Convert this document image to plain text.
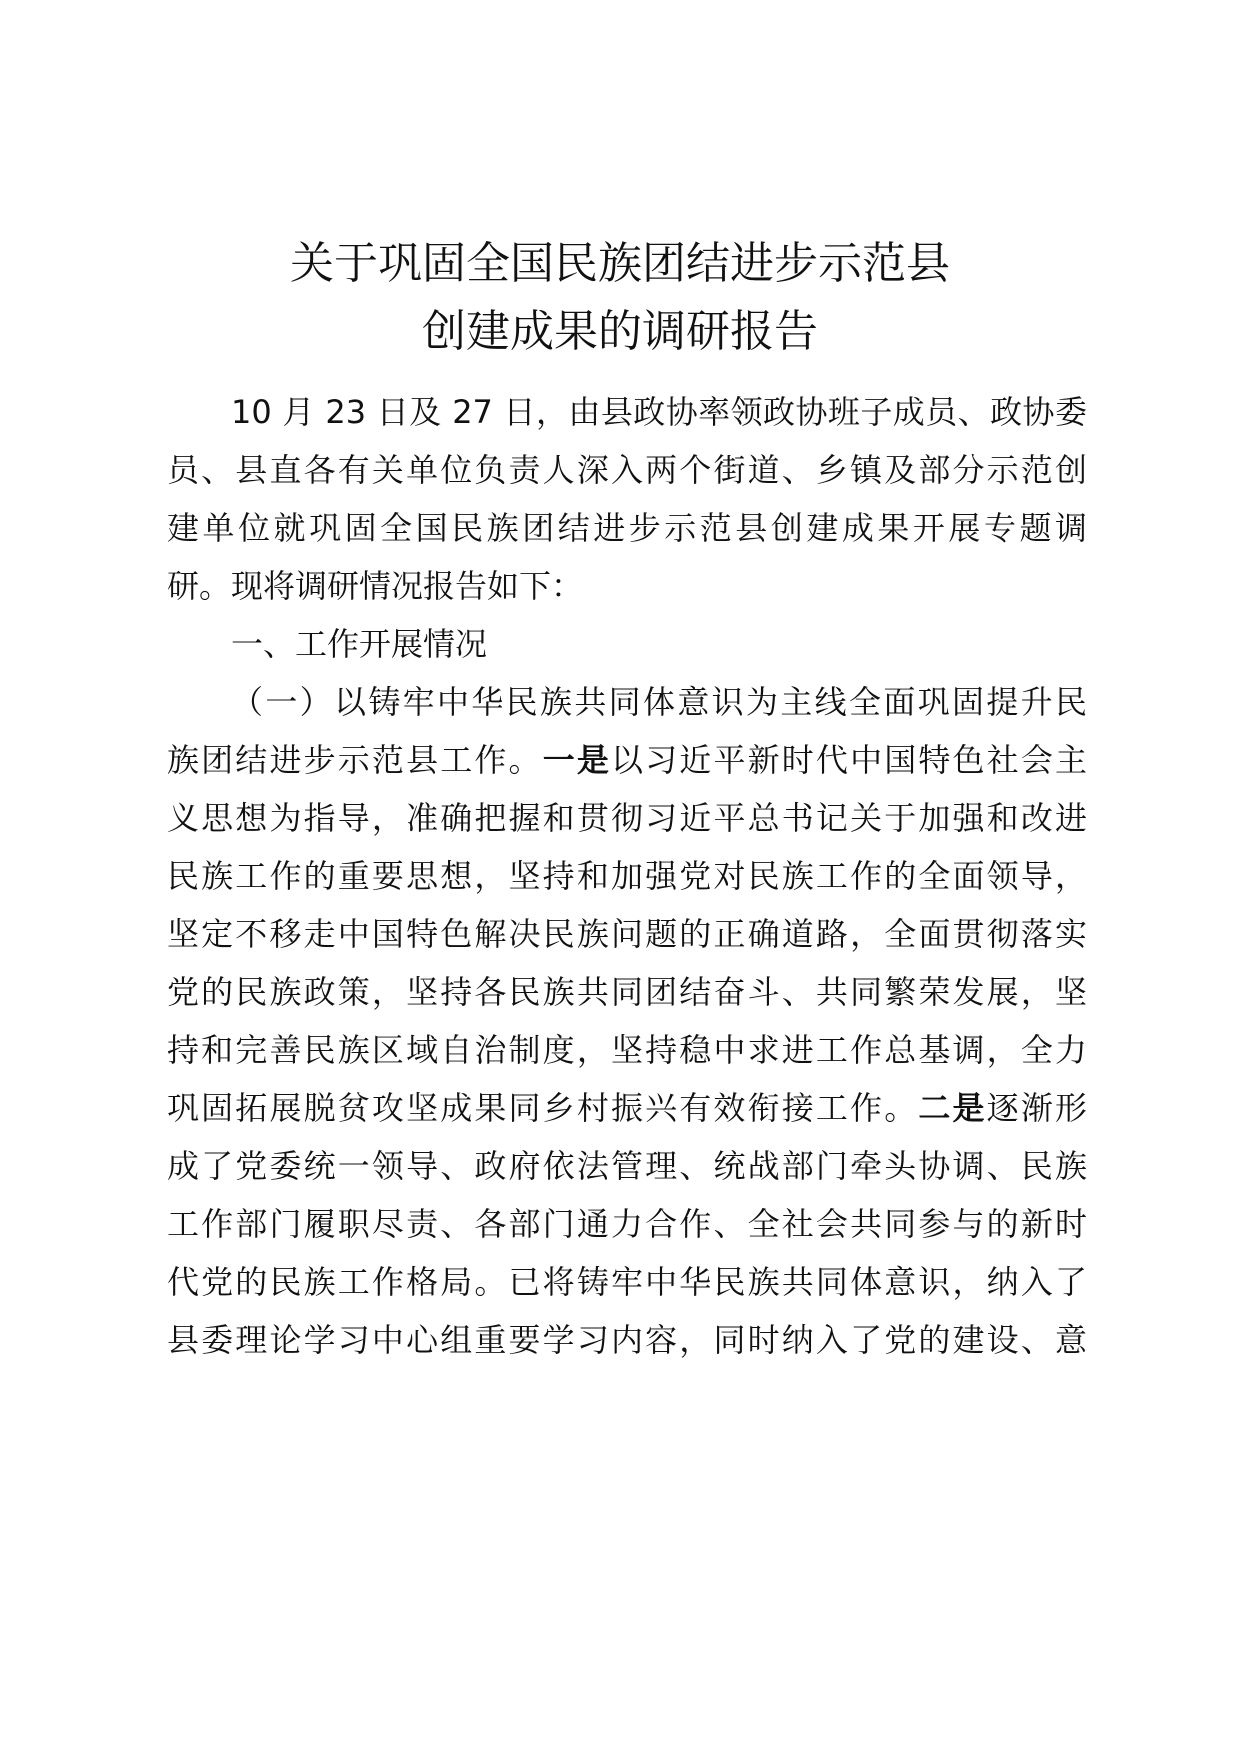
关于巩固全国民族团结进步示范县
创建成果的调研报告
10 月 23 日及 27 日，由县政协率领政协班子成员、政协委
员、县直各有关单位负责人深入两个街道、乡镇及部分示范创
建单位就巩固全国民族团结进步示范县创建成果开展专题调
研。现将调研情况报告如下：
一、工作开展情况
（一）以铸牢中华民族共同体意识为主线全面巩固提升民
族团结进步示范县工作。一是以习近平新时代中国特色社会主
义思想为指导，准确把握和贯彻习近平总书记关于加强和改进
民族工作的重要思想，坚持和加强党对民族工作的全面领导，
坚定不移走中国特色解决民族问题的正确道路，全面贯彻落实
党的民族政策，坚持各民族共同团结奋斗、共同繁荣发展，坚
持和完善民族区域自治制度，坚持稳中求进工作总基调，全力
巩固拓展脱贫攻坚成果同乡村振兴有效衔接工作。二是逐渐形
成了党委统一领导、政府依法管理、统战部门牵头协调、民族
工作部门履职尽责、各部门通力合作、全社会共同参与的新时
代党的民族工作格局。已将铸牢中华民族共同体意识，纳入了
县委理论学习中心组重要学习内容，同时纳入了党的建设、意
